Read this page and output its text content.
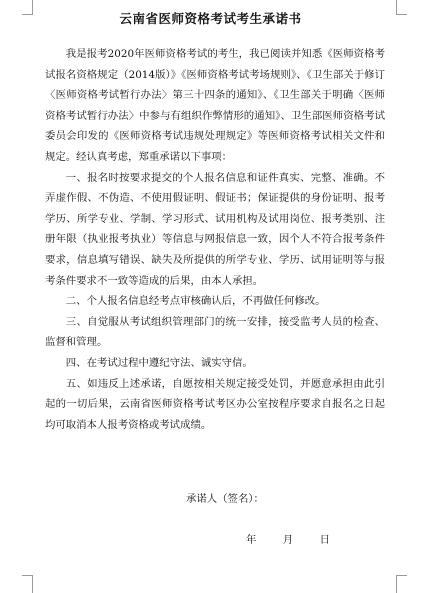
云南省医师资格考试考生承诺书

我是报考2020年医师资格考试的考生，我已阅读并知悉《医师资格考试报名资格规定（2014版）》《医师资格考试考场规则》、《卫生部关于修订〈医师资格考试暂行办法〉第三十四条的通知》、《卫生部关于明确〈医师资格考试暂行办法〉中参与有组织作弊情形的通知》、卫生部医师资格考试委员会印发的《医师资格考试违规处理规定》等医师资格考试相关文件和规定。经认真考虑，郑重承诺以下事项：

一、报名时按要求提交的个人报名信息和证件真实、完整、准确。不弄虚作假、不伪造、不使用假证明、假证书；保证提供的身份证明、报考学历、所学专业、学制、学习形式、试用机构及试用岗位、报考类别、注册年限（执业报考执业）等信息与网报信息一致，因个人不符合报考条件要求，信息填写错误、缺失及所提供的所学专业、学历、试用证明等与报考条件要求不一致等造成的后果，由本人承担。

二、个人报名信息经考点审核确认后，不再做任何修改。

三、自觉服从考试组织管理部门的统一安排，接受监考人员的检查、监督和管理。

四、在考试过程中遵纪守法、诚实守信。

五、如违反上述承诺，自愿按相关规定接受处罚，并愿意承担由此引起的一切后果，云南省医师资格考试考区办公室按程序要求自报名之日起均可取消本人报考资格或考试成绩。

承诺人（签名）：

年	月	日
